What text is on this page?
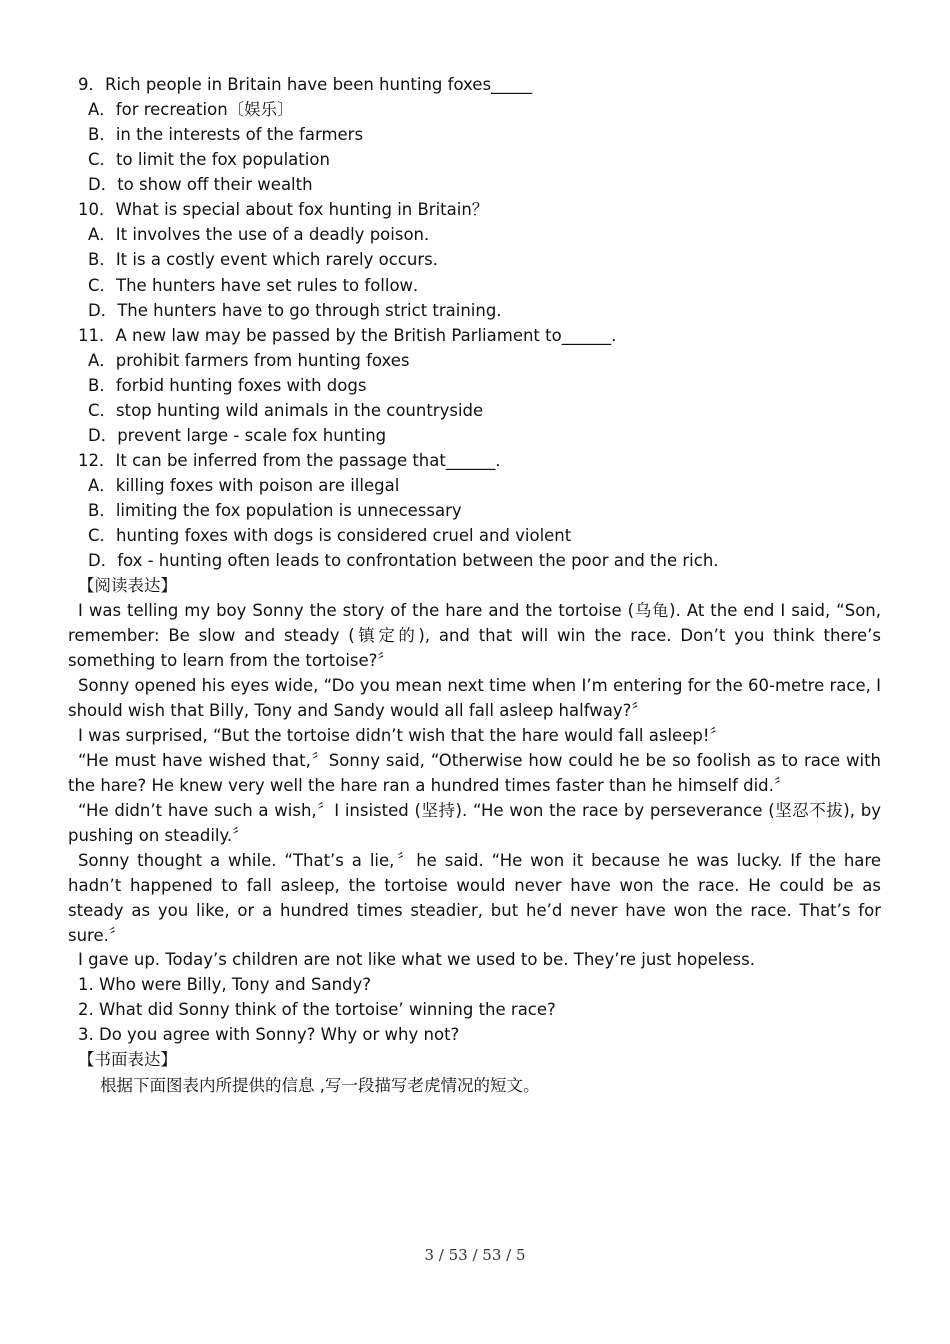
9．Rich people in Britain have been hunting foxes_____
A．for recreation〔娱乐〕
B．in the interests of the farmers
C．to limit the fox population
D．to show off their wealth
10．What is special about fox hunting in Britain？
A．It involves the use of a deadly poison．
B．It is a costly event which rarely occurs．
C．The hunters have set rules to follow．
D．The hunters have to go through strict training．
11．A new law may be passed by the British Parliament to______．
A．prohibit farmers from hunting foxes
B．forbid hunting foxes with dogs
C．stop hunting wild animals in the countryside
D．prevent large - scale fox hunting
12．It can be inferred from the passage that______．
A．killing foxes with poison are illegal
B．limiting the fox population is unnecessary
C．hunting foxes with dogs is considered cruel and violent
D．fox - hunting often leads to confrontation between the poor and the rich．
【阅读表达】
I was telling my boy Sonny the story of the hare and the tortoise (乌龟). At the end I said, “Son, remember: Be slow and steady (镇定的), and that will win the race. Don’t you think there’s something to learn from the tortoise?〞
Sonny opened his eyes wide, “Do you mean next time when I’m entering for the 60-metre race, I should wish that Billy, Tony and Sandy would all fall asleep halfway?〞
I was surprised, “But the tortoise didn’t wish that the hare would fall asleep!〞
“He must have wished that,〞Sonny said, “Otherwise how could he be so foolish as to race with the hare? He knew very well the hare ran a hundred times faster than he himself did.〞
“He didn’t have such a wish,〞I insisted (坚持). “He won the race by perseverance (坚忍不拔), by pushing on steadily.〞
Sonny thought a while. “That’s a lie,〞he said. “He won it because he was lucky. If the hare hadn’t happened to fall asleep, the tortoise would never have won the race. He could be as steady as you like, or a hundred times steadier, but he’d never have won the race. That’s for sure.〞
I gave up. Today’s children are not like what we used to be. They’re just hopeless.
1. Who were Billy, Tony and Sandy?
2. What did Sonny think of the tortoise’ winning the race?
3. Do you agree with Sonny? Why or why not?
【书面表达】
根据下面图表内所提供的信息 ,写一段描写老虎情况的短文。
3 / 53 / 53 / 5
